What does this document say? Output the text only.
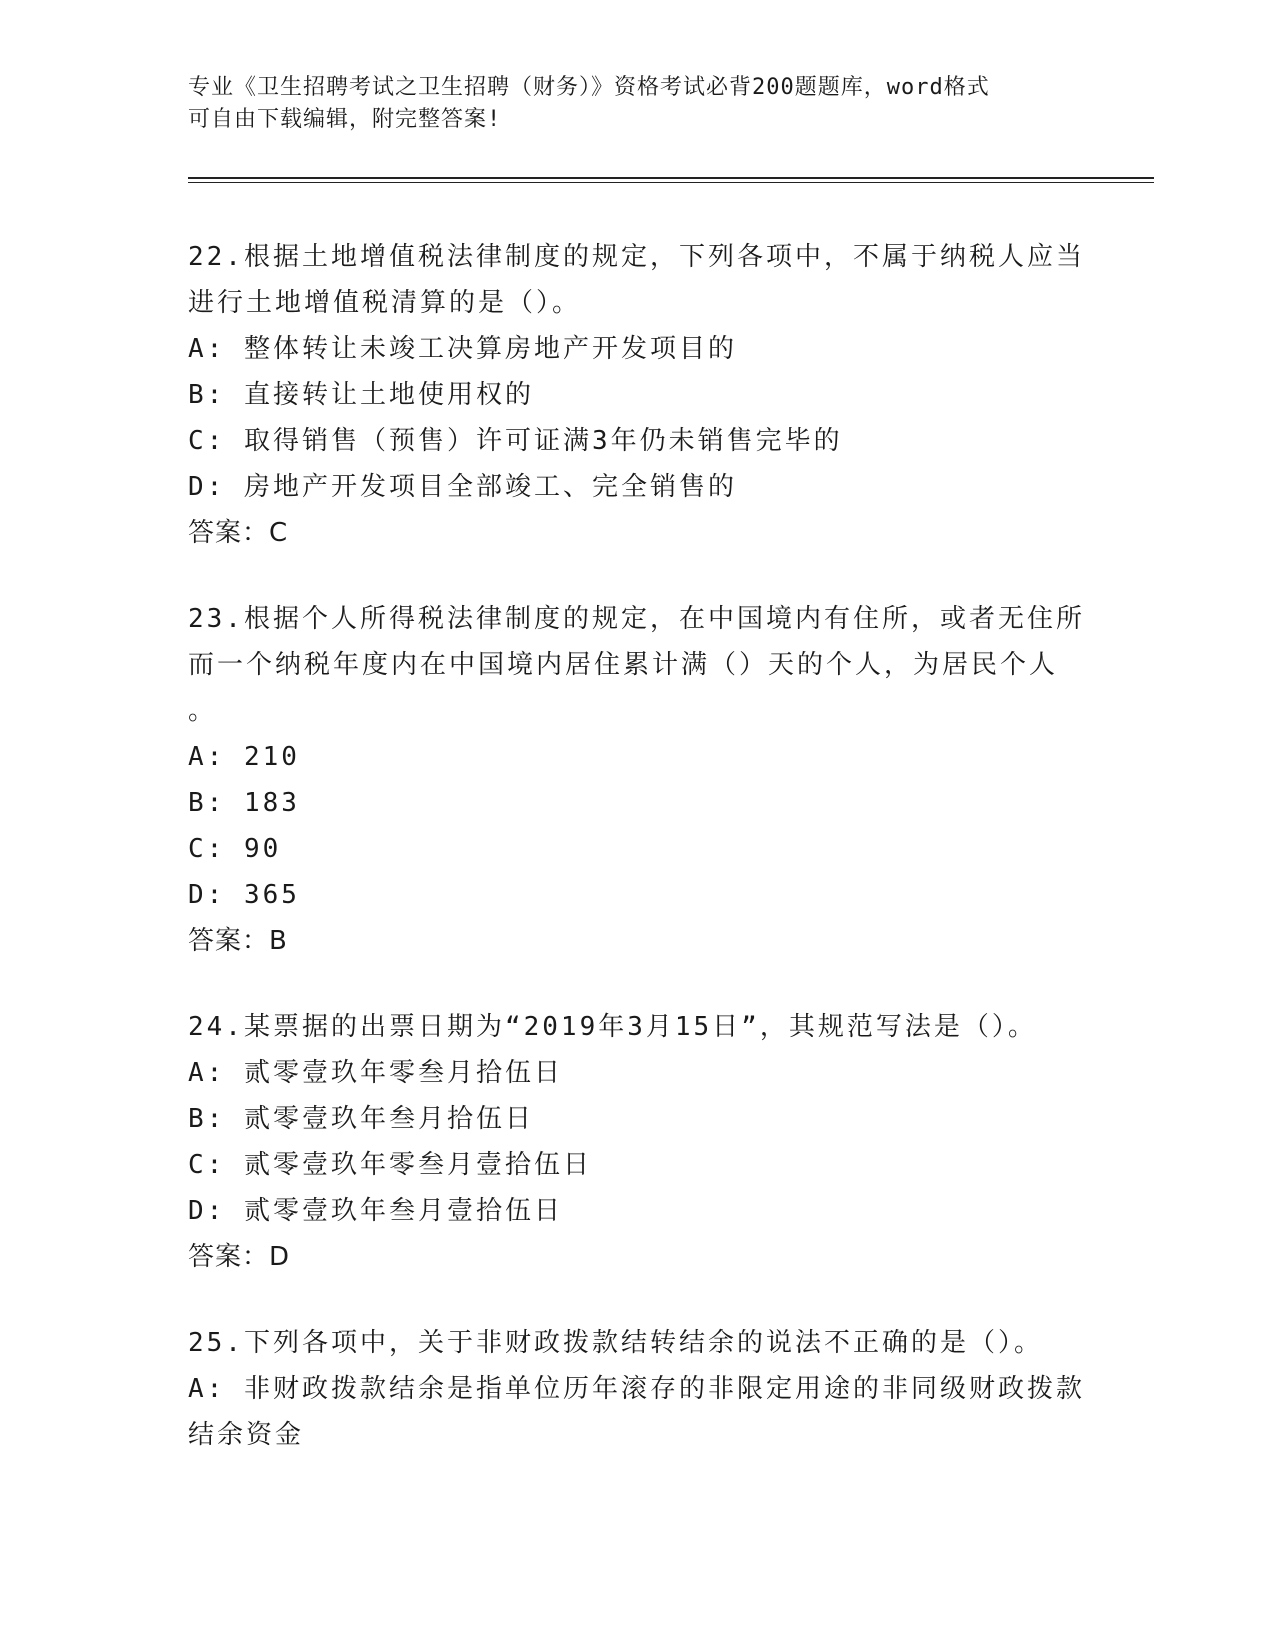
专业《卫生招聘考试之卫生招聘（财务）》资格考试必背200题题库，word格式
可自由下载编辑，附完整答案!

22.根据土地增值税法律制度的规定，下列各项中，不属于纳税人应当

进行土地增值税清算的是（）。

A: 整体转让未竣工决算房地产开发项目的

B: 直接转让土地使用权的

C: 取得销售（预售）许可证满3年仍未销售完毕的

D: 房地产开发项目全部竣工、完全销售的

答案：C

23.根据个人所得税法律制度的规定，在中国境内有住所，或者无住所

而一个纳税年度内在中国境内居住累计满（）天的个人，为居民个人

。

A: 210

B: 183

C: 90

D: 365

答案：B

24.某票据的出票日期为“2019年3月15日”，其规范写法是（）。

A: 贰零壹玖年零叁月拾伍日

B: 贰零壹玖年叁月拾伍日

C: 贰零壹玖年零叁月壹拾伍日

D: 贰零壹玖年叁月壹拾伍日

答案：D

25.下列各项中，关于非财政拨款结转结余的说法不正确的是（）。

A: 非财政拨款结余是指单位历年滚存的非限定用途的非同级财政拨款

结余资金
